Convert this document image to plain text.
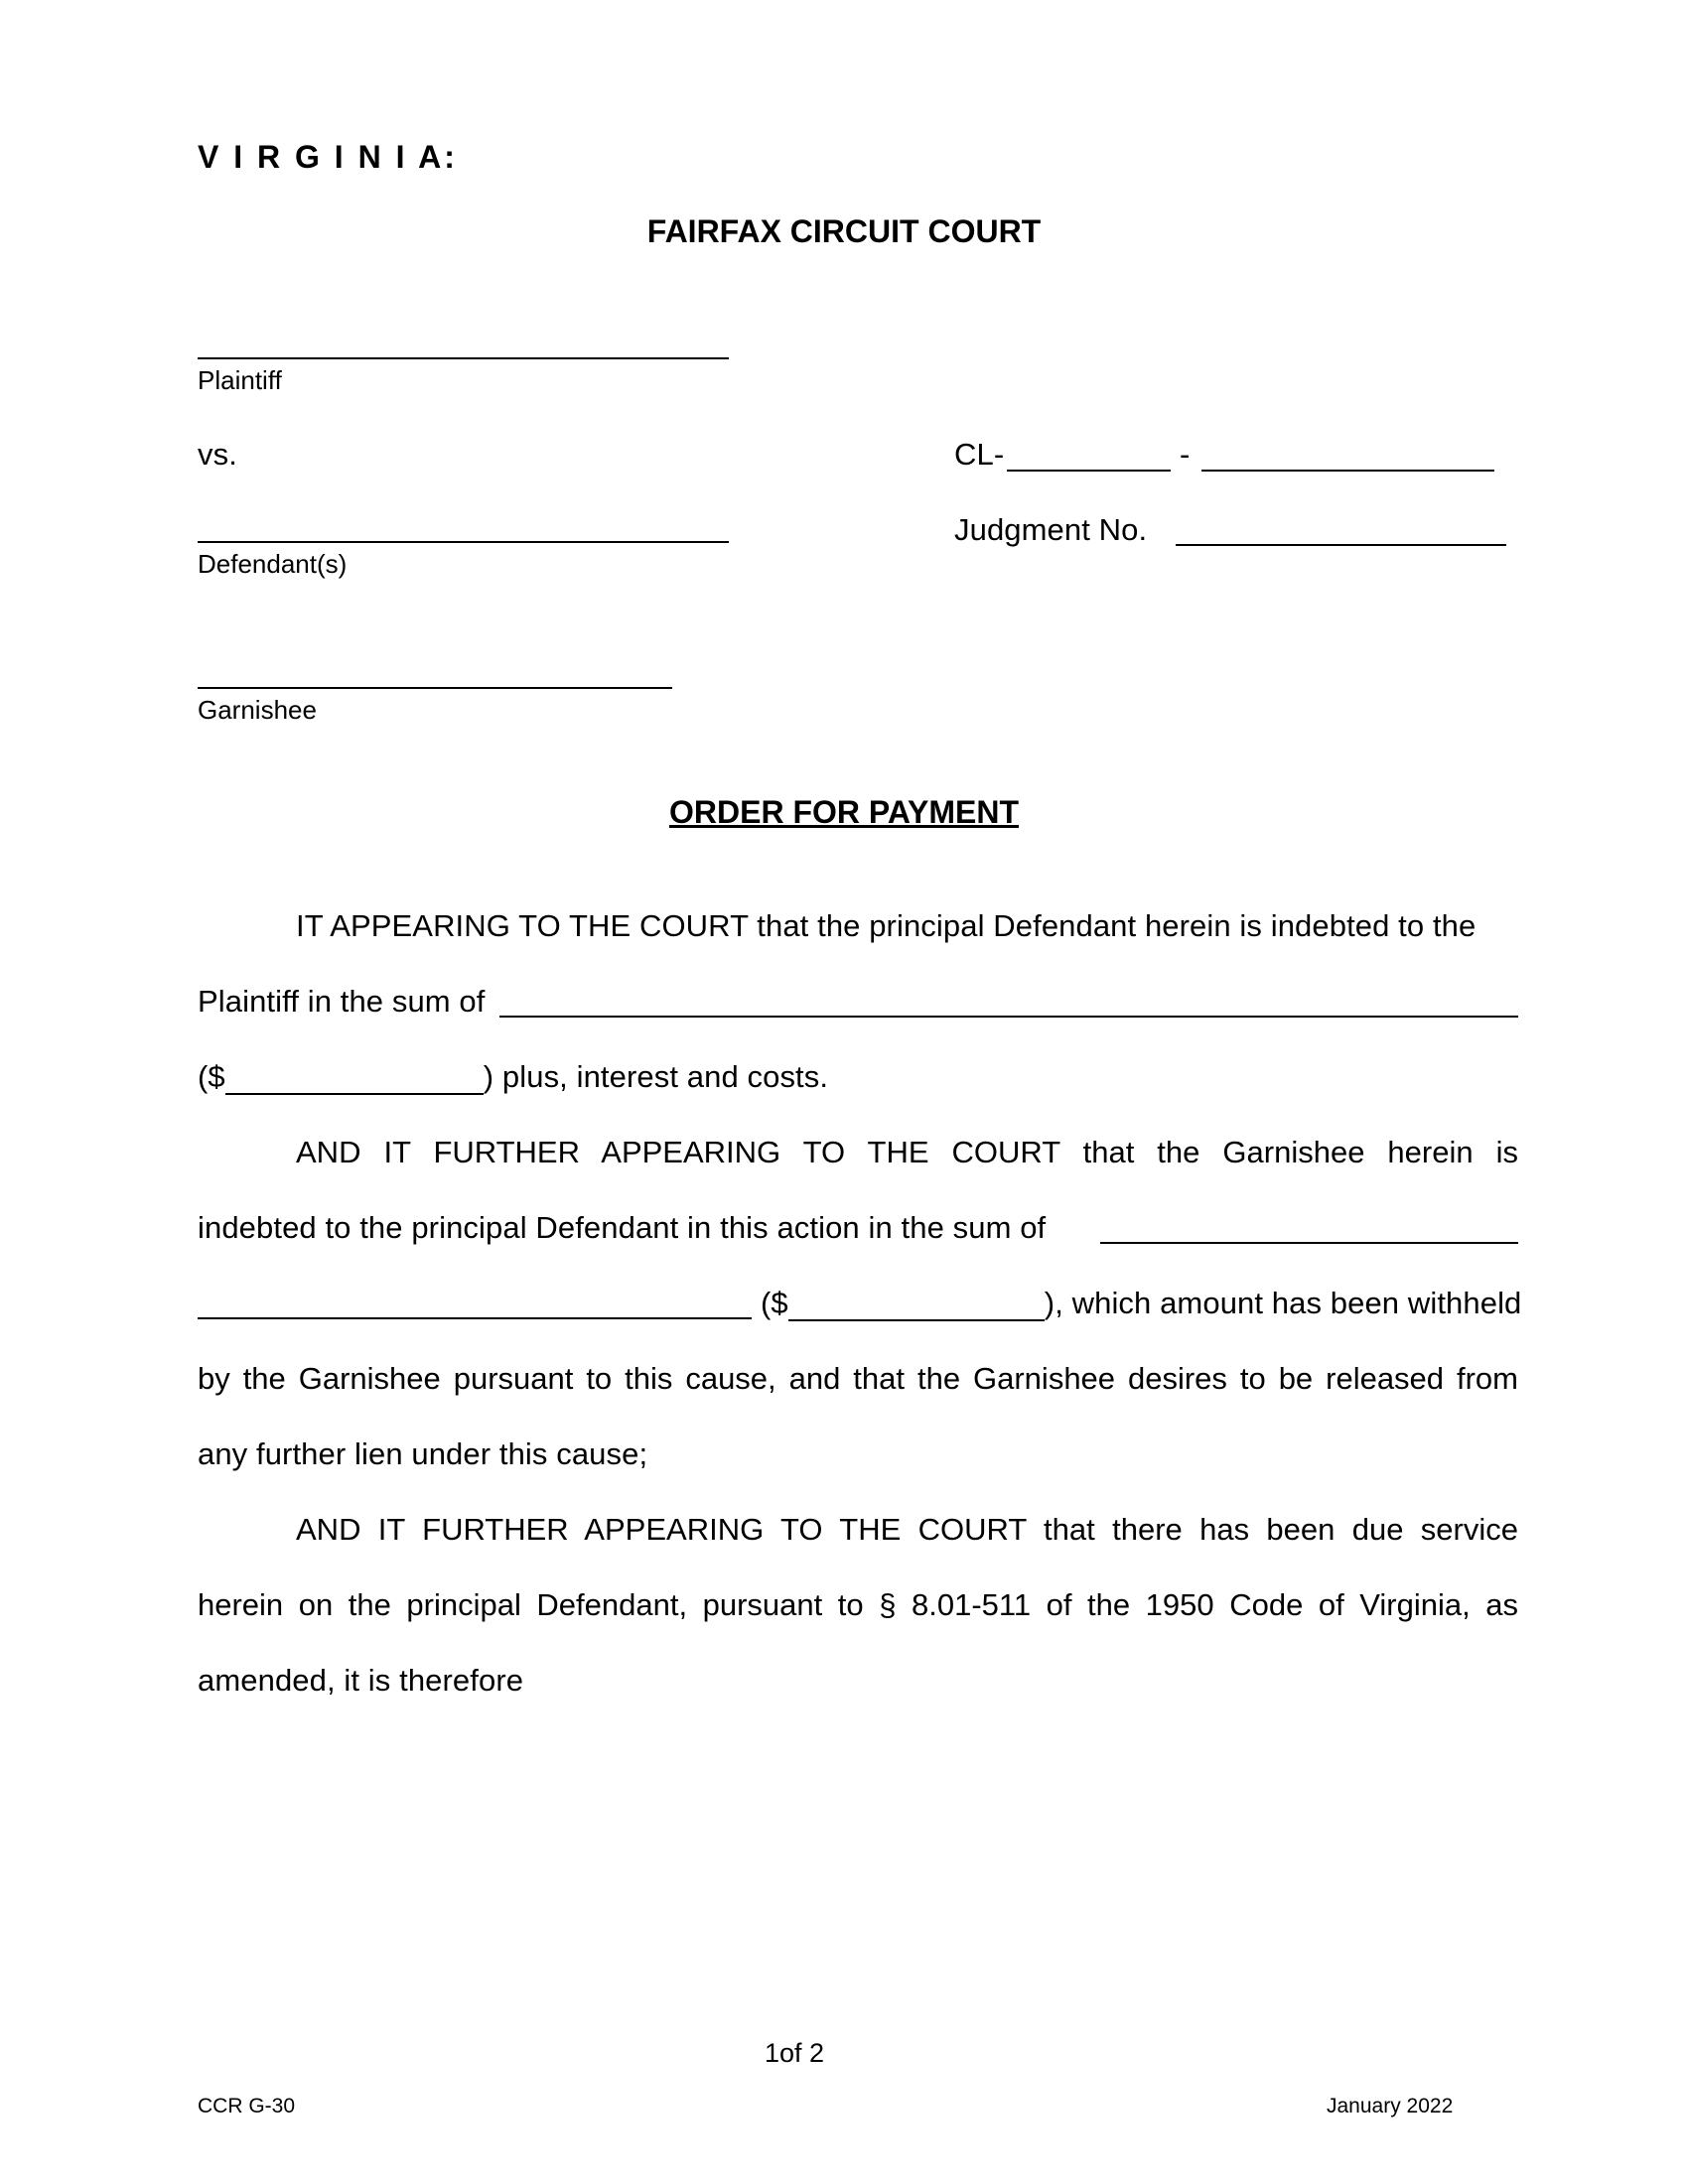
V I R G I N I A:
FAIRFAX CIRCUIT COURT
Plaintiff
vs.	CL-	-
Defendant(s)
Judgment No.
Garnishee
ORDER FOR PAYMENT
IT APPEARING TO THE COURT that the principal Defendant herein is indebted to the
Plaintiff in the sum of
($	) plus, interest and costs.
AND IT FURTHER APPEARING TO THE COURT that the Garnishee herein is
indebted to the principal Defendant in this action in the sum of
($	), which amount has been withheld
by the Garnishee pursuant to this cause, and that the Garnishee desires to be released from
any further lien under this cause;
AND IT FURTHER APPEARING TO THE COURT that there has been due service
herein on the principal Defendant, pursuant to § 8.01-511 of the 1950 Code of Virginia, as
amended, it is therefore
1of 2
CCR G-30	January 2022
